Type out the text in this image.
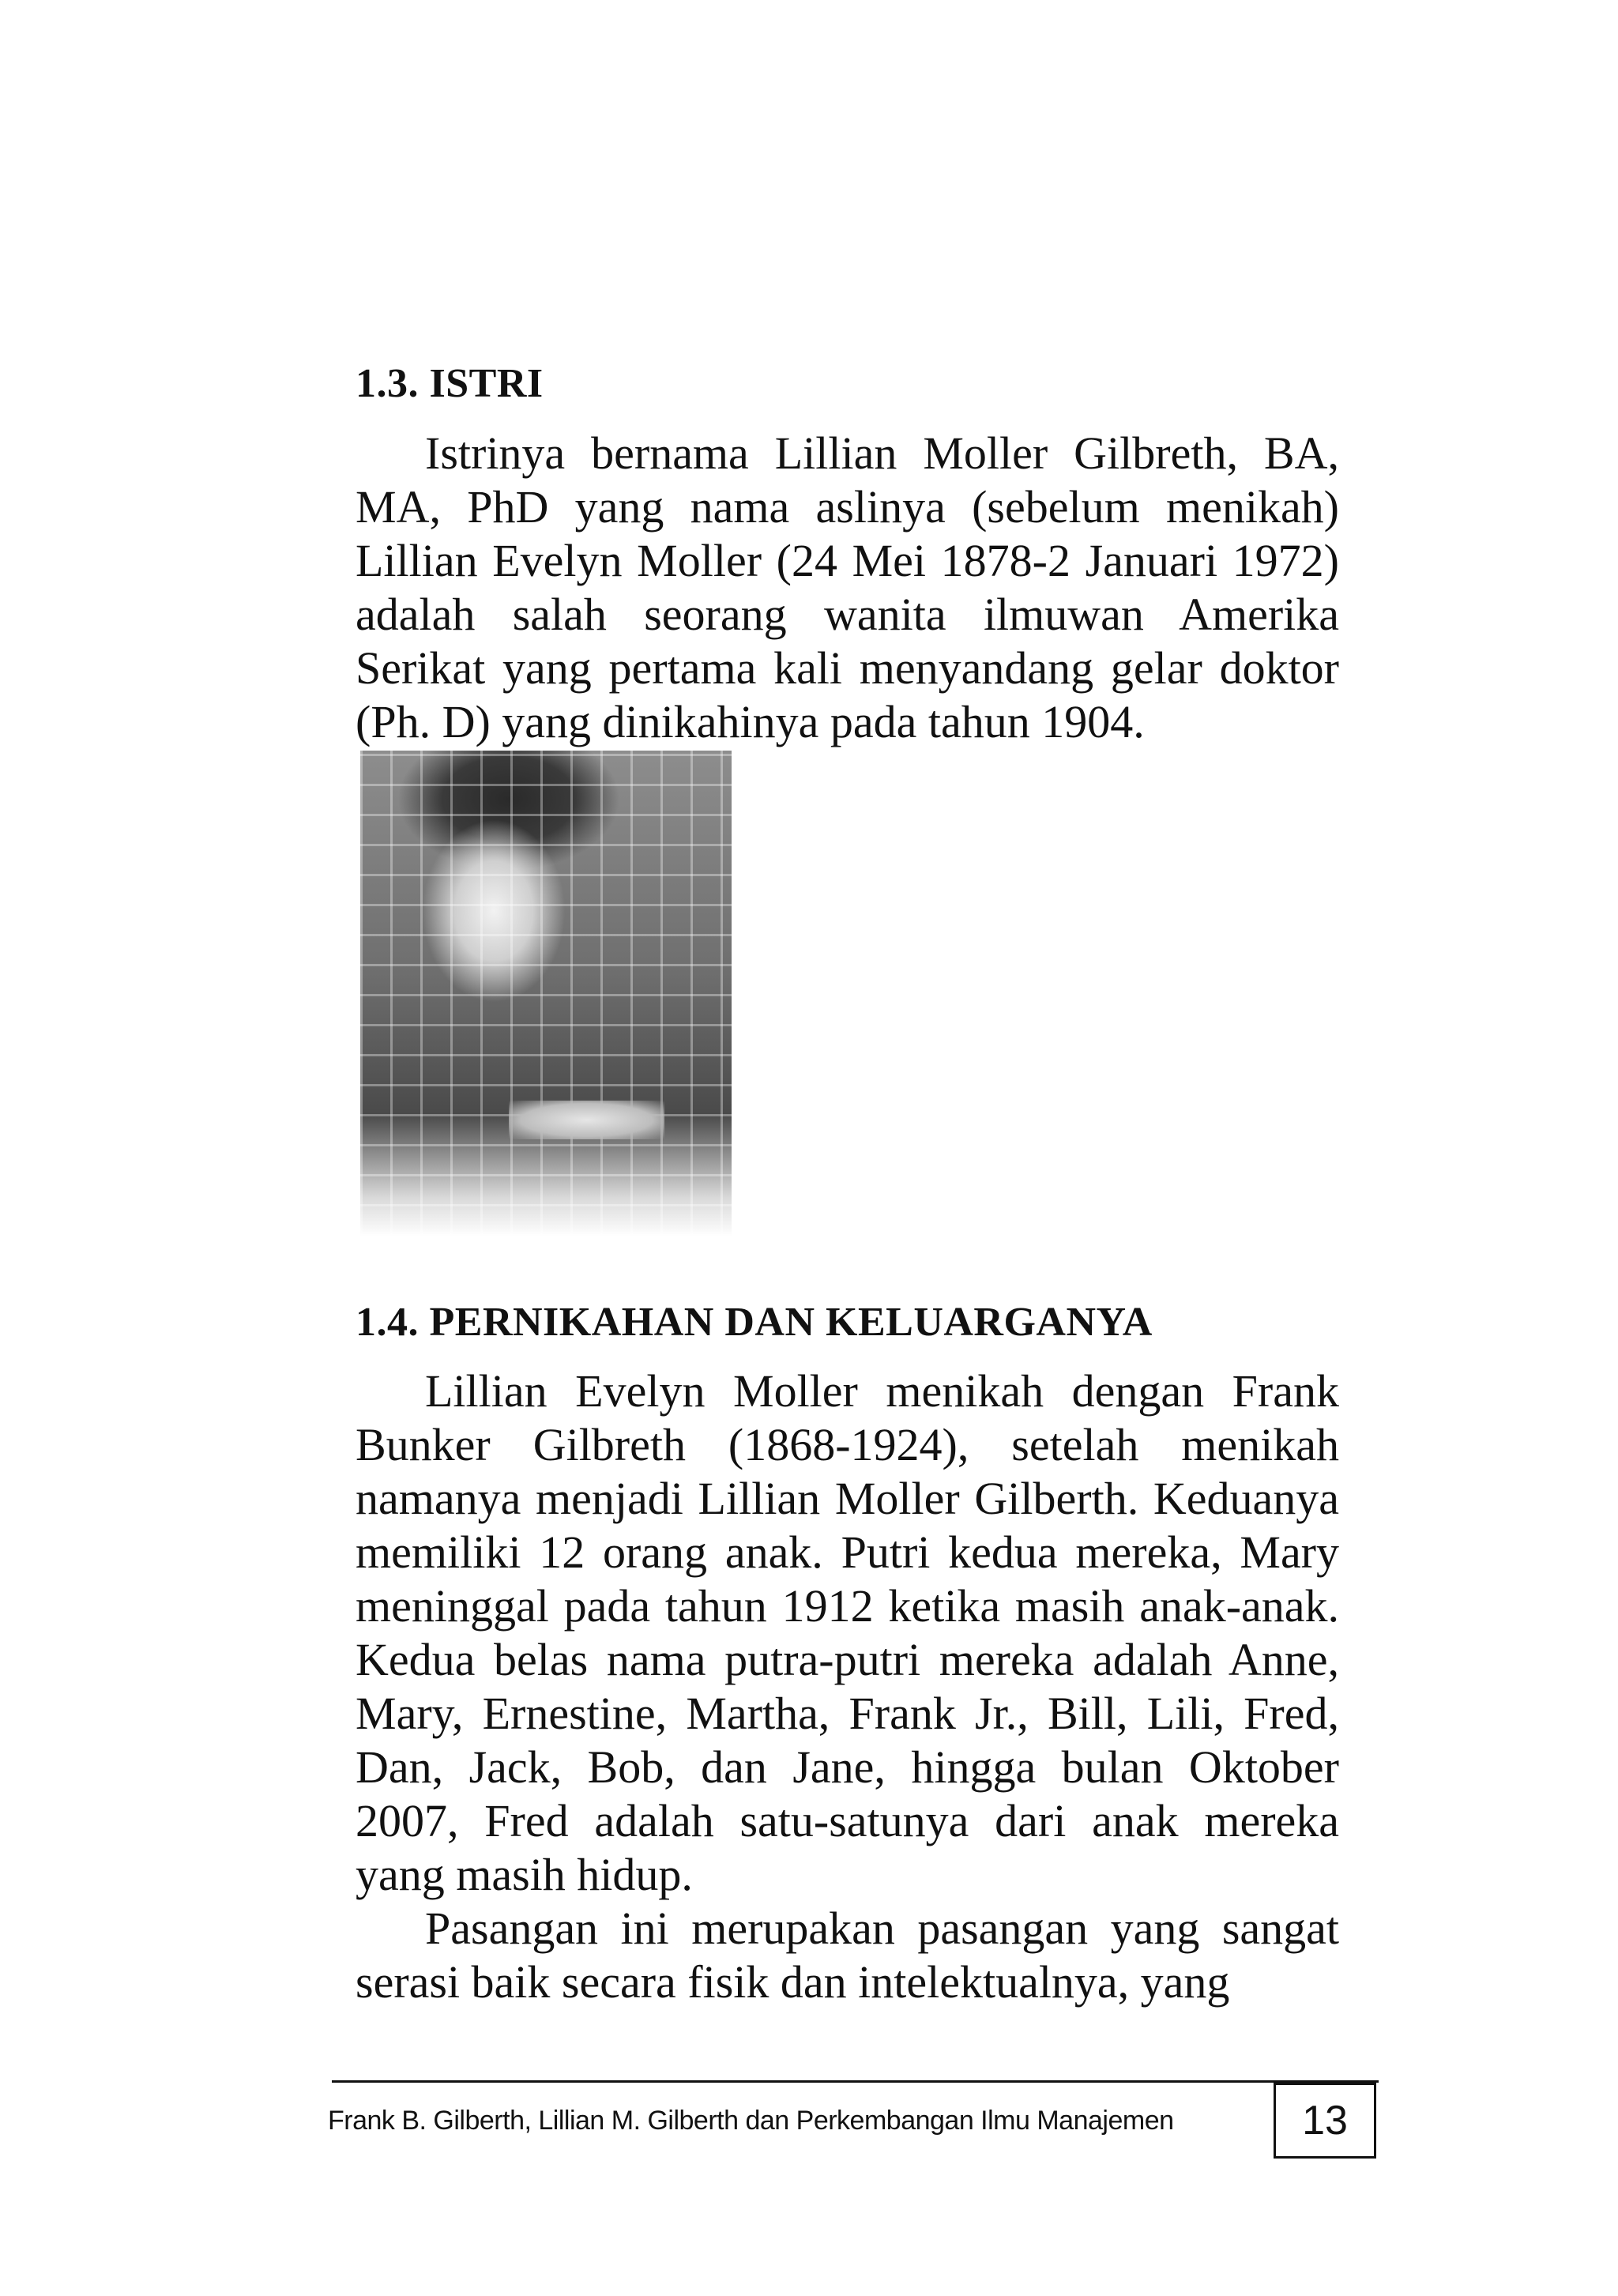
1.3. ISTRI

Istrinya bernama Lillian Moller Gilbreth, BA, MA, PhD yang nama aslinya (sebelum menikah) Lillian Evelyn Moller (24 Mei 1878-2 Januari 1972) adalah salah seorang wanita ilmuwan Amerika Serikat yang pertama kali menyandang gelar doktor (Ph. D) yang dinikahinya pada tahun 1904.

1.4. PERNIKAHAN DAN KELUARGANYA

Lillian Evelyn Moller menikah dengan Frank Bunker Gilbreth (1868-1924), setelah menikah namanya menjadi Lillian Moller Gilberth. Keduanya memiliki 12 orang anak. Putri kedua mereka, Mary meninggal pada tahun 1912 ketika masih anak-anak. Kedua belas nama putra-putri mereka adalah Anne, Mary, Ernestine, Martha, Frank Jr., Bill, Lili, Fred, Dan, Jack, Bob, dan Jane, hingga bulan Oktober 2007, Fred adalah satu-satunya dari anak mereka yang masih hidup.

Pasangan ini merupakan pasangan yang sangat serasi baik secara fisik dan intelektualnya, yang

Frank B. Gilberth, Lillian M. Gilberth dan Perkembangan Ilmu Manajemen	13
